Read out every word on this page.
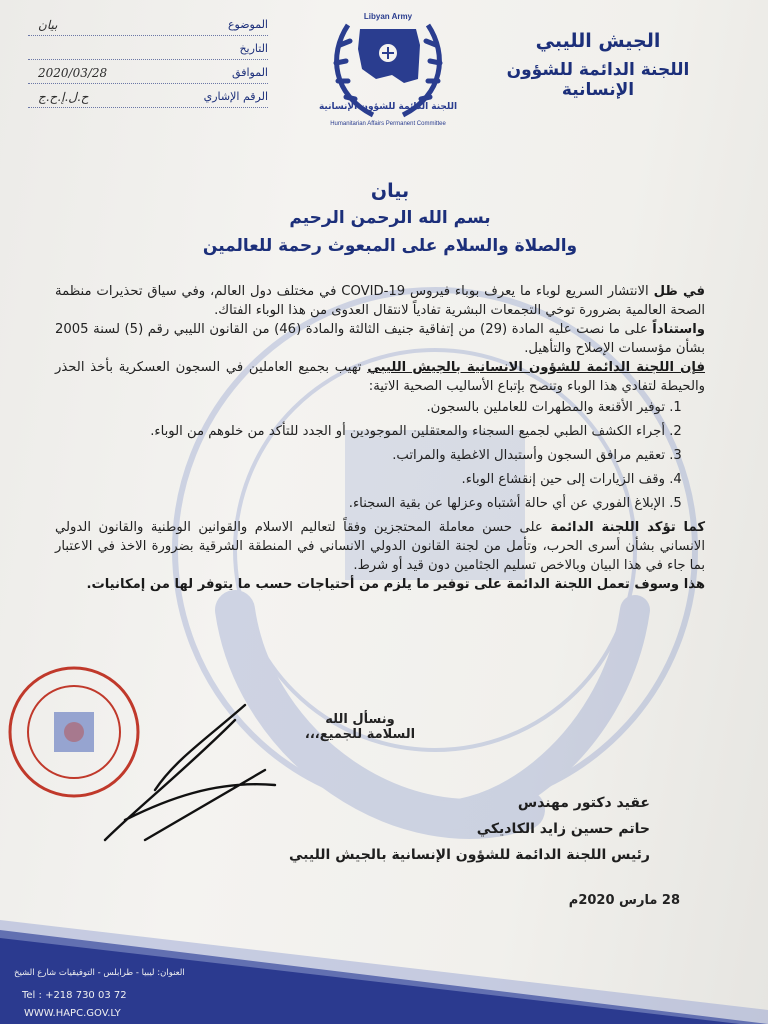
الموضوع
بيان
التاريخ
الموافق
2020/03/28
الرقم الإشاري
ح.ل.إ.ح.ج
Libyan Army
اللجنة الدائمة للشؤون الإنسانية
Humanitarian Affairs Permanent Committee
الجيش الليبي
اللجنة الدائمة للشؤون الإنسانية
بيان
بسم الله الرحمن الرحيم
والصلاة والسلام على المبعوث رحمة للعالمين

في ظل الانتشار السريع لوباء ما يعرف بوباء فيروس COVID-19 في مختلف دول العالم، وفي سياق تحذيرات منظمة الصحة العالمية بضرورة توخي التجمعات البشرية تفادياً لانتقال العدوى من هذا الوباء الفتاك.

واستناداً على ما نصت عليه المادة (29) من إتفاقية جنيف الثالثة والمادة (46) من القانون الليبي رقم (5) لسنة 2005 بشأن مؤسسات الإصلاح والتأهيل.

فإن اللجنة الدائمة للشؤون الانسانية بالجيش الليبي تهيب بجميع العاملين في السجون العسكرية بأخذ الحذر والحيطة لتفادي هذا الوباء وتنصح بإتباع الأساليب الصحية الاتية:

1. توفير الأقنعة والمطهرات للعاملين بالسجون.
2. أجراء الكشف الطبي لجميع السجناء والمعتقلين الموجودين أو الجدد للتأكد من خلوهم من الوباء.
3. تعقيم مرافق السجون وأستبدال الاغطية والمراتب.
4. وقف الزيارات إلى حين إنقشاع الوباء.
5. الإبلاغ الفوري عن أي حالة أشتباه وعزلها عن بقية السجناء.

كما تؤكد اللجنة الدائمة على حسن معاملة المحتجزين وفقاً لتعاليم الاسلام والقوانين الوطنية والقانون الدولي الانساني بشأن أسرى الحرب، وتأمل من لجنة القانون الدولي الانساني في المنطقة الشرقية بضرورة الاخذ في الاعتبار بما جاء في هذا البيان وبالاخص تسليم الجثامين دون قيد أو شرط.

هذا وسوف تعمل اللجنة الدائمة على توفير ما يلزم من أحتياجات حسب ما يتوفر لها من إمكانيات.

ونسأل الله السلامة للجميع،،،
عقيد دكتور مهندس
حاتم حسين زايد الكاديكي
رئيس اللجنة الدائمة للشؤون الإنسانية بالجيش الليبي
28 مارس 2020م
العنوان: ليبيا - طرابلس - التوفيقيات شارع الشيخ
Tel : +218 730 03 72
WWW.HAPC.GOV.LY
